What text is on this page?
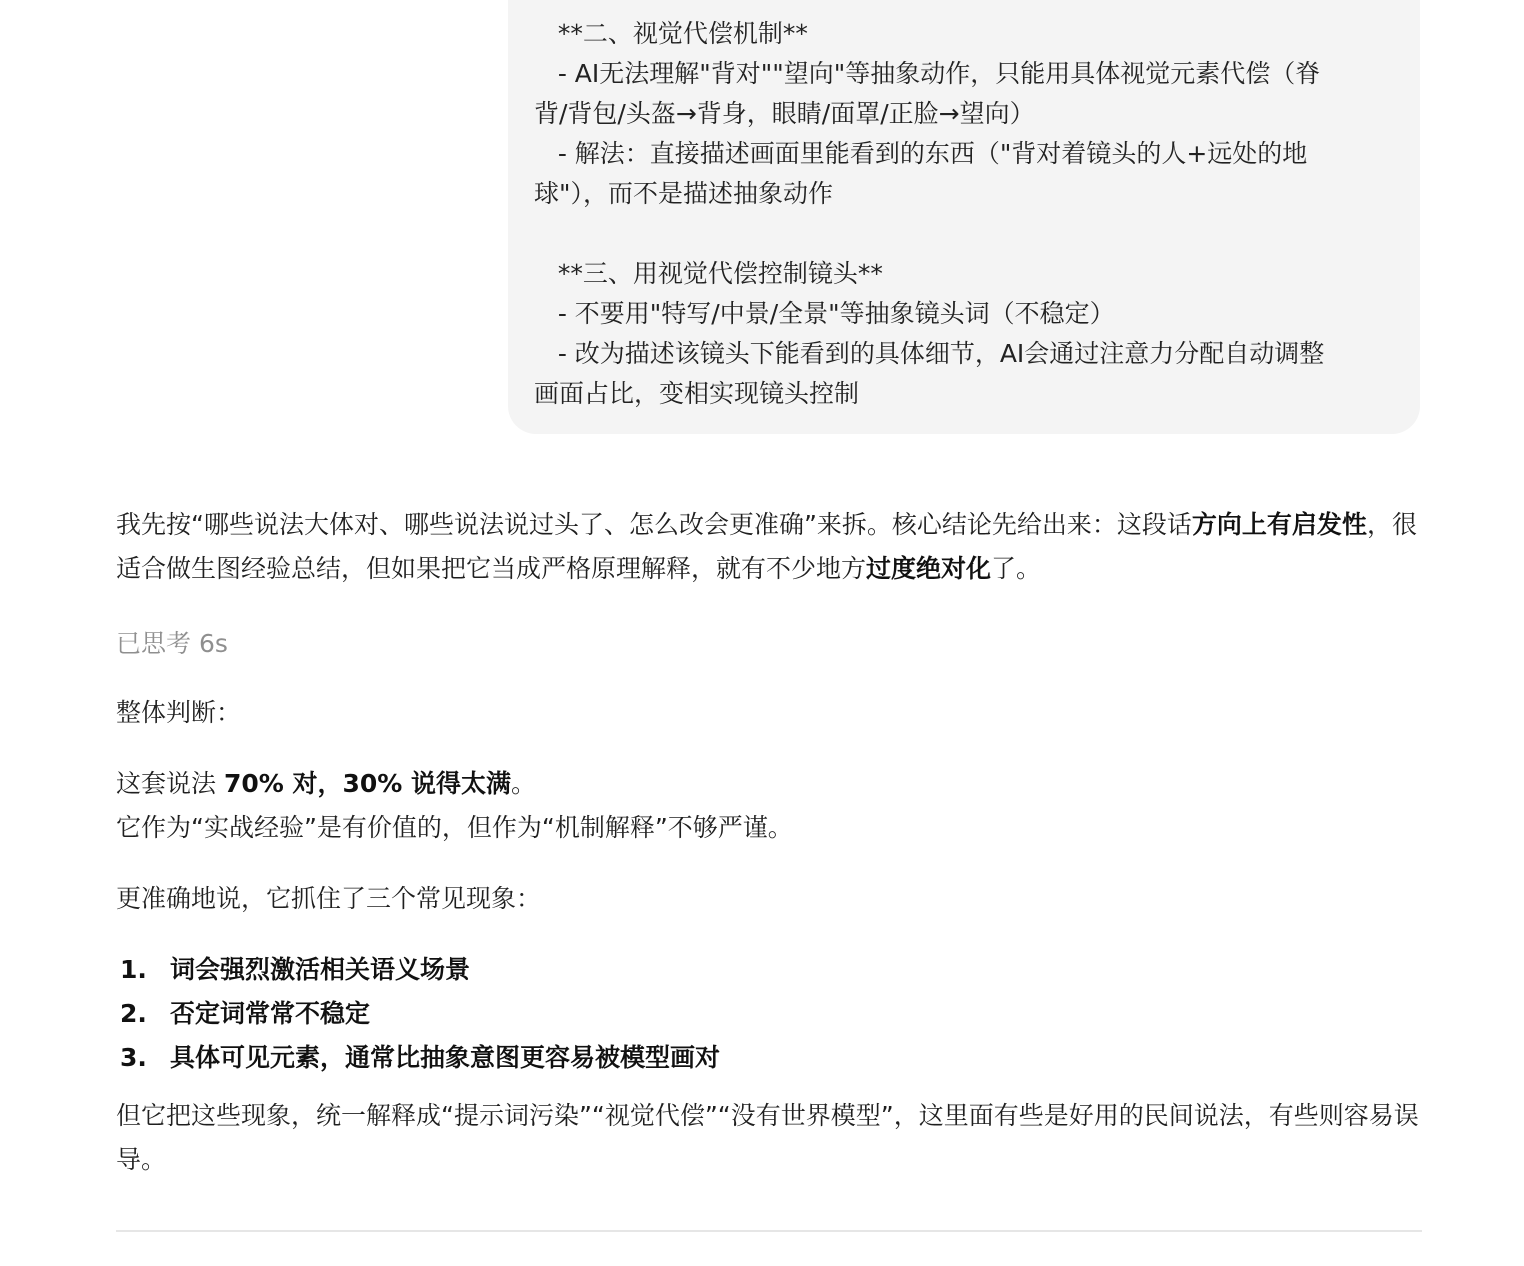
**二、视觉代偿机制**

- AI无法理解"背对""望向"等抽象动作，只能用具体视觉元素代偿（脊

背/背包/头盔→背身，眼睛/面罩/正脸→望向）

- 解法：直接描述画面里能看到的东西（"背对着镜头的人+远处的地

球"），而不是描述抽象动作

**三、用视觉代偿控制镜头**

- 不要用"特写/中景/全景"等抽象镜头词（不稳定）

- 改为描述该镜头下能看到的具体细节，AI会通过注意力分配自动调整

画面占比，变相实现镜头控制

我先按“哪些说法大体对、哪些说法说过头了、怎么改会更准确”来拆。核心结论先给出来：这段话方向上有启发性，很适合做生图经验总结，但如果把它当成严格原理解释，就有不少地方过度绝对化了。

已思考 6s

整体判断：

这套说法 70% 对，30% 说得太满。

它作为“实战经验”是有价值的，但作为“机制解释”不够严谨。

更准确地说，它抓住了三个常见现象：

1. 词会强烈激活相关语义场景
2. 否定词常常不稳定
3. 具体可见元素，通常比抽象意图更容易被模型画对

但它把这些现象，统一解释成“提示词污染”“视觉代偿”“没有世界模型”，这里面有些是好用的民间说法，有些则容易误导。
